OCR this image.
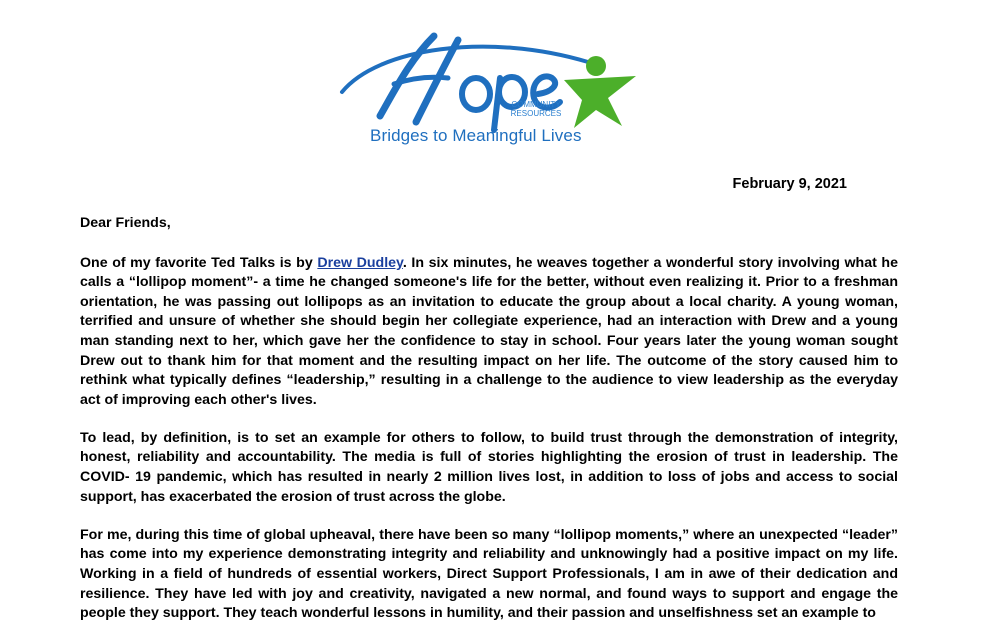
COMMUNITY
RESOURCES
Bridges to Meaningful Lives
February 9, 2021

Dear Friends,

One of my favorite Ted Talks is by Drew Dudley. In six minutes, he weaves together a wonderful story involving what he calls a “lollipop moment”- a time he changed someone's life for the better, without even realizing it. Prior to a freshman orientation, he was passing out lollipops as an invitation to educate the group about a local charity. A young woman, terrified and unsure of whether she should begin her collegiate experience, had an interaction with Drew and a young man standing next to her, which gave her the confidence to stay in school. Four years later the young woman sought Drew out to thank him for that moment and the resulting impact on her life. The outcome of the story caused him to rethink what typically defines “leadership,” resulting in a challenge to the audience to view leadership as the everyday act of improving each other's lives.

To lead, by definition, is to set an example for others to follow, to build trust through the demonstration of integrity, honest, reliability and accountability. The media is full of stories highlighting the erosion of trust in leadership. The COVID- 19 pandemic, which has resulted in nearly 2 million lives lost, in addition to loss of jobs and access to social support, has exacerbated the erosion of trust across the globe.

For me, during this time of global upheaval, there have been so many “lollipop moments,” where an unexpected “leader” has come into my experience demonstrating integrity and reliability and unknowingly had a positive impact on my life. Working in a field of hundreds of essential workers, Direct Support Professionals, I am in awe of their dedication and resilience. They have led with joy and creativity, navigated a new normal, and found ways to support and engage the people they support. They teach wonderful lessons in humility, and their passion and unselfishness set an example to
